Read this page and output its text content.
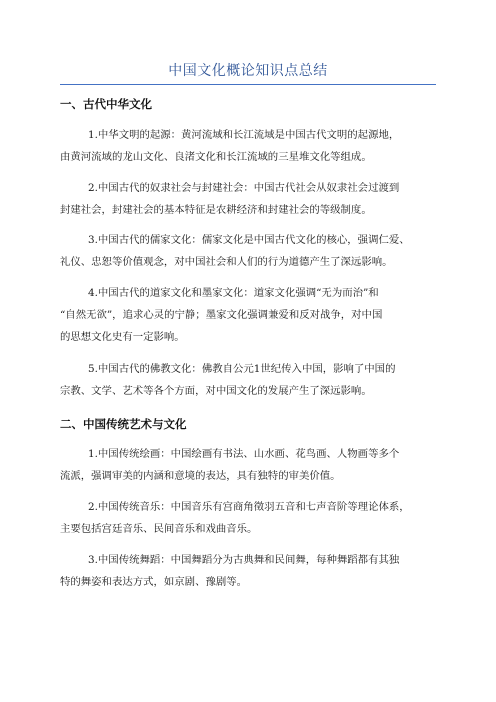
中国文化概论知识点总结
一、古代中华文化
1.中华文明的起源：黄河流域和长江流域是中国古代文明的起源地，
由黄河流域的龙山文化、良渚文化和长江流域的三星堆文化等组成。
2.中国古代的奴隶社会与封建社会：中国古代社会从奴隶社会过渡到
封建社会，封建社会的基本特征是农耕经济和封建社会的等级制度。
3.中国古代的儒家文化：儒家文化是中国古代文化的核心，强调仁爱、
礼仪、忠恕等价值观念，对中国社会和人们的行为道德产生了深远影响。
4.中国古代的道家文化和墨家文化：道家文化强调“无为而治”和
“自然无欲”，追求心灵的宁静；墨家文化强调兼爱和反对战争，对中国
的思想文化史有一定影响。
5.中国古代的佛教文化：佛教自公元1世纪传入中国，影响了中国的
宗教、文学、艺术等各个方面，对中国文化的发展产生了深远影响。
二、中国传统艺术与文化
1.中国传统绘画：中国绘画有书法、山水画、花鸟画、人物画等多个
流派，强调审美的内涵和意境的表达，具有独特的审美价值。
2.中国传统音乐：中国音乐有宫商角徵羽五音和七声音阶等理论体系，
主要包括宫廷音乐、民间音乐和戏曲音乐。
3.中国传统舞蹈：中国舞蹈分为古典舞和民间舞，每种舞蹈都有其独
特的舞姿和表达方式，如京剧、豫剧等。
